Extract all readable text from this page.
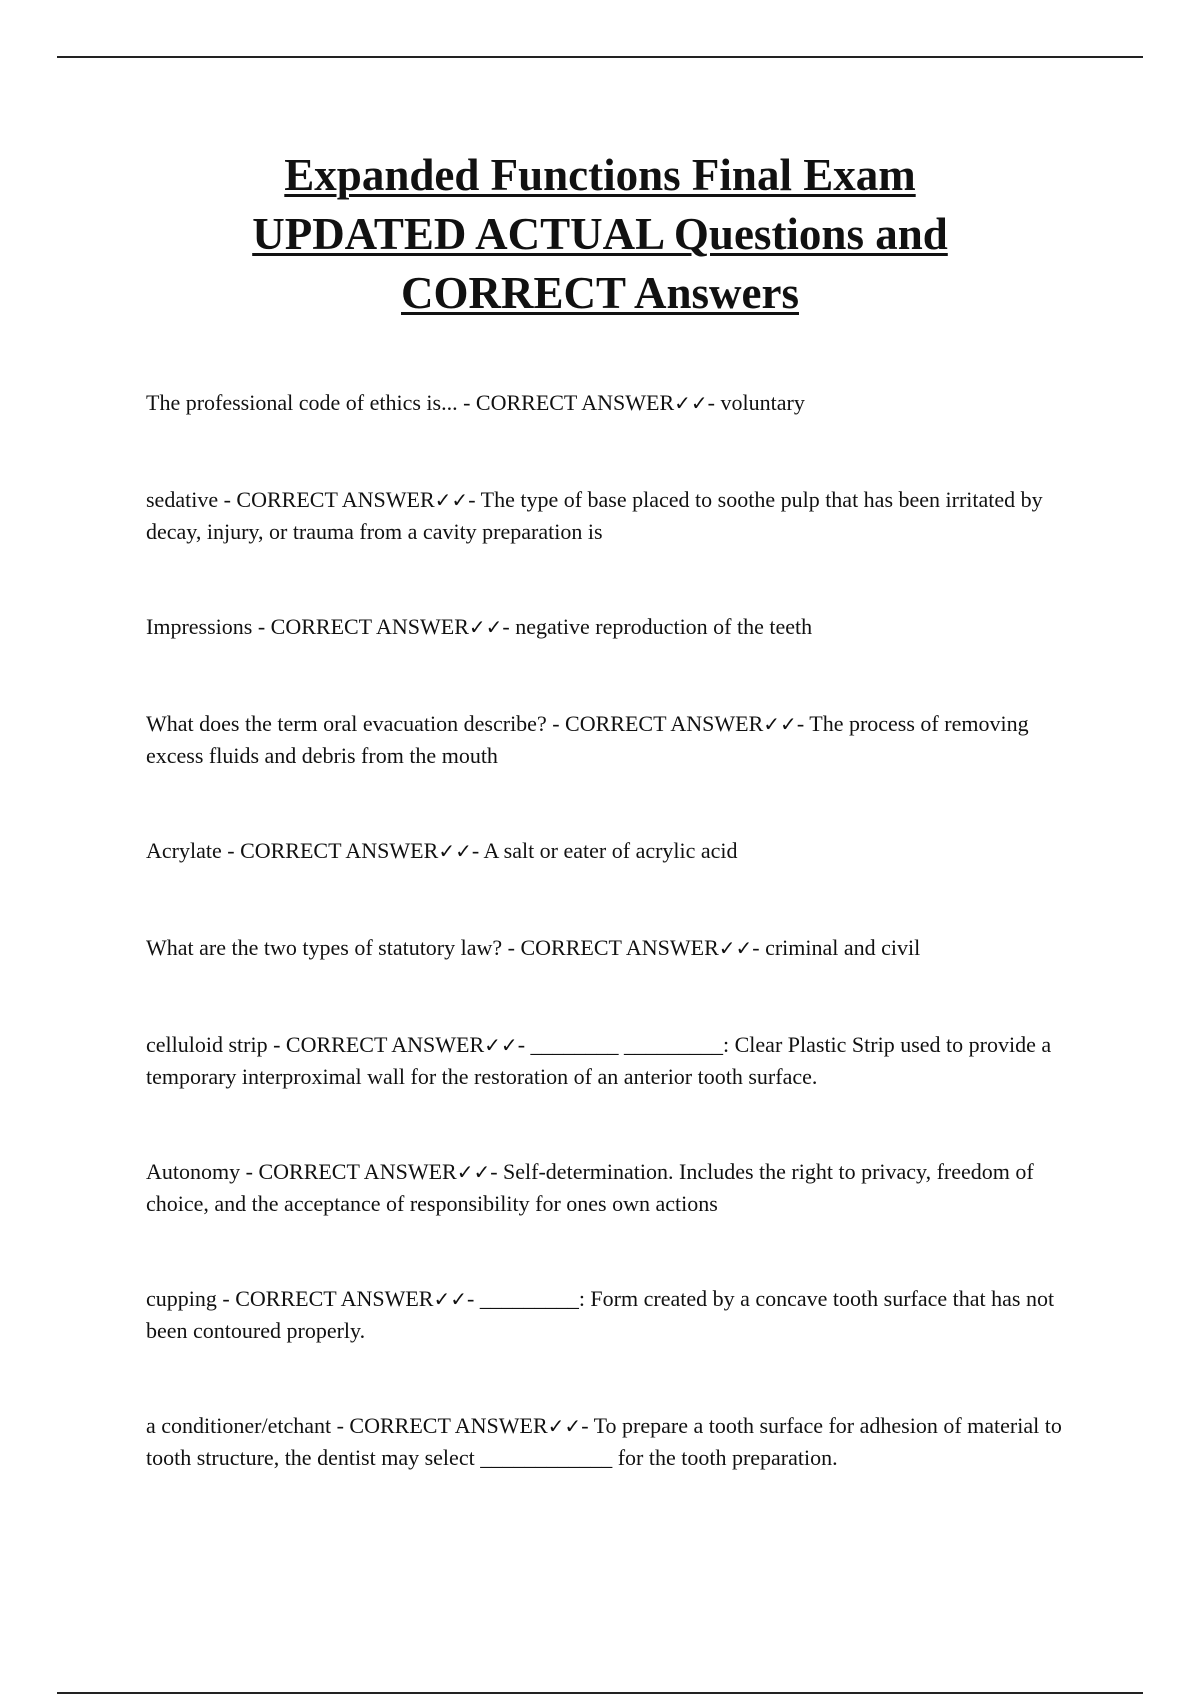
Expanded Functions Final Exam
UPDATED ACTUAL Questions and
CORRECT Answers
The professional code of ethics is... - CORRECT ANSWER✓✓- voluntary
sedative - CORRECT ANSWER✓✓- The type of base placed to soothe pulp that has been irritated by decay, injury, or trauma from a cavity preparation is
Impressions - CORRECT ANSWER✓✓- negative reproduction of the teeth
What does the term oral evacuation describe? - CORRECT ANSWER✓✓- The process of removing excess fluids and debris from the mouth
Acrylate - CORRECT ANSWER✓✓- A salt or eater of acrylic acid
What are the two types of statutory law? - CORRECT ANSWER✓✓- criminal and civil
celluloid strip - CORRECT ANSWER✓✓- ________ _________: Clear Plastic Strip used to provide a temporary interproximal wall for the restoration of an anterior tooth surface.
Autonomy - CORRECT ANSWER✓✓- Self-determination. Includes the right to privacy, freedom of choice, and the acceptance of responsibility for ones own actions
cupping - CORRECT ANSWER✓✓- _________: Form created by a concave tooth surface that has not been contoured properly.
a conditioner/etchant - CORRECT ANSWER✓✓- To prepare a tooth surface for adhesion of material to tooth structure, the dentist may select ____________ for the tooth preparation.
